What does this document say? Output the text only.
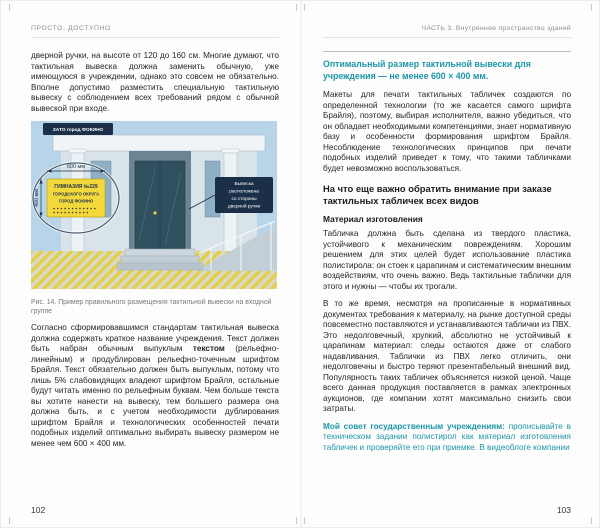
ПРОСТО, ДОСТУПНО

дверной ручки, на высоте от 120 до 160 см. Многие думают, что тактильная вывеска должна заменить обычную, уже имеющуюся в учреждении, однако это совсем не обязательно. Вполне допустимо разместить специальную тактильную вывеску с соблюдением всех требований рядом с обычной вывеской при входе.

ГИМНАЗИЯ №229
ГОРОДСКОГО ОКРУГА
ГОРОД ФОКИНО
600 мм
400 мм
ЗАТО город ФОКИНО
Вывеска
расположена
со стороны
дверной ручки
Рис. 14. Пример правильного размещения тактильной вывески на входной группе

Согласно сформировавшимся стандартам тактильная вывеска должна содержать краткое название учреждения. Текст должен быть набран обычным выпуклым текстом (рельефно-линейным) и продублирован рельефно-точечным шрифтом Брайля. Текст обязательно должен быть выпуклым, потому что лишь 5% слабовидящих владеют шрифтом Брайля, остальные будут читать именно по рельефным буквам. Чем больше текста вы хотите нанести на вывеску, тем большего размера она должна быть, и с учетом необходимости дублирования шрифтом Брайля и технологических особенностей печати подобных изделий оптимально выбирать вывеску размером не менее чем 600 × 400 мм.

102
ЧАСТЬ 3. Внутреннее пространство зданий

Оптимальный размер тактильной вывески для учреждения — не менее 600 × 400 мм.

Макеты для печати тактильных табличек создаются по определенной технологии (то же касается самого шрифта Брайля), поэтому, выбирая исполнителя, важно убедиться, что он обладает необходимыми компетенциями, знает нормативную базу и особенности формирования шрифтом Брайля. Несоблюдение технологических принципов при печати подобных изделий приведет к тому, что такими табличками будет невозможно воспользоваться.

На что еще важно обратить внимание при заказе тактильных табличек всех видов

Материал изготовления

Табличка должна быть сделана из твердого пластика, устойчивого к механическим повреждениям. Хорошим решением для этих целей будет использование пластика полистирола: он стоек к царапинам и систематическим внешним воздействиям, что очень важно. Ведь тактильные таблички для этого и нужны — чтобы их трогали.

В то же время, несмотря на прописанные в нормативных документах требования к материалу, на рынке доступной среды повсеместно поставляются и устанавливаются таблички из ПВХ. Это недолговечный, хрупкий, абсолютно не устойчивый к царапинам материал: следы остаются даже от слабого надавливания. Таблички из ПВХ легко отличить, они недолговечны и быстро теряют презентабельный внешний вид. Популярность таких табличек объясняется низкой ценой. Чаще всего данная продукция поставляется в рамках электронных аукционов, где компании хотят максимально снизить свои затраты.

Мой совет государственным учреждениям: прописывайте в техническом задании полистирол как материал изготовления табличек и проверяйте его при приемке. В видеоблоге компании

103
